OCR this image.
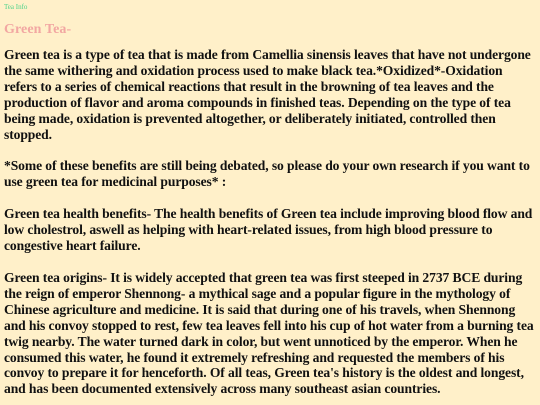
Tea Info
Green Tea-

Green tea is a type of tea that is made from Camellia sinensis leaves that have not undergone the same withering and oxidation process used to make black tea.*Oxidized*-Oxidation refers to a series of chemical reactions that result in the browning of tea leaves and the production of flavor and aroma compounds in finished teas. Depending on the type of tea being made, oxidation is prevented altogether, or deliberately initiated, controlled then stopped.

*Some of these benefits are still being debated, so please do your own research if you want to use green tea for medicinal purposes* :

Green tea health benefits- The health benefits of Green tea include improving blood flow and low cholestrol, aswell as helping with heart-related issues, from high blood pressure to congestive heart failure.

Green tea origins- It is widely accepted that green tea was first steeped in 2737 BCE during the reign of emperor Shennong- a mythical sage and a popular figure in the mythology of Chinese agriculture and medicine. It is said that during one of his travels, when Shennong and his convoy stopped to rest, few tea leaves fell into his cup of hot water from a burning tea twig nearby. The water turned dark in color, but went unnoticed by the emperor. When he consumed this water, he found it extremely refreshing and requested the members of his convoy to prepare it for henceforth. Of all teas, Green tea's history is the oldest and longest, and has been documented extensively across many southeast asian countries.
